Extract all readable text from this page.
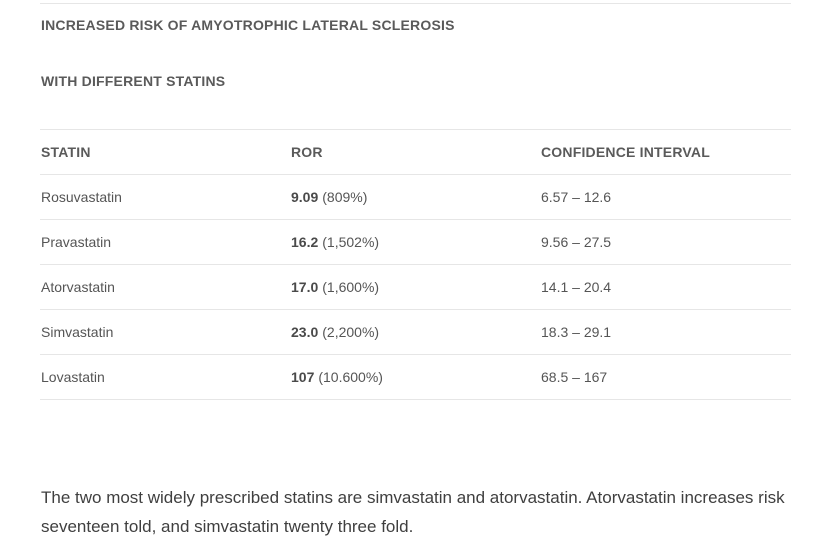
INCREASED RISK OF AMYOTROPHIC LATERAL SCLEROSIS
WITH DIFFERENT STATINS
STATIN	ROR	CONFIDENCE INTERVAL
Rosuvastatin	9.09 (809%)	6.57 – 12.6
Pravastatin	16.2 (1,502%)	9.56 – 27.5
Atorvastatin	17.0 (1,600%)	14.1 – 20.4
Simvastatin	23.0 (2,200%)	18.3 – 29.1
Lovastatin	107 (10.600%)	68.5 – 167

The two most widely prescribed statins are simvastatin and atorvastatin. Atorvastatin increases risk seventeen told, and simvastatin twenty three fold.
